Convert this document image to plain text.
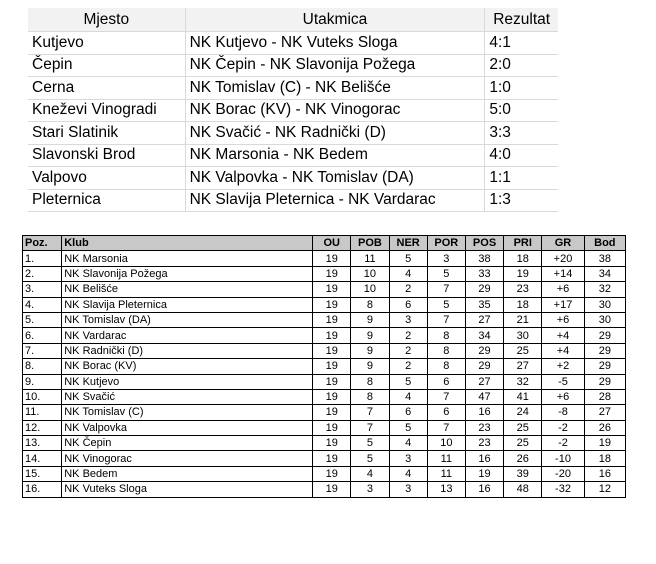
Mjesto	Utakmica	Rezultat
Kutjevo	NK Kutjevo - NK Vuteks Sloga	4:1
Čepin	NK Čepin - NK Slavonija Požega	2:0
Cerna	NK Tomislav (C) - NK Belišće	1:0
Kneževi Vinogradi	NK Borac (KV) - NK Vinogorac	5:0
Stari Slatinik	NK Svačić - NK Radnički (D)	3:3
Slavonski Brod	NK Marsonia - NK Bedem	4:0
Valpovo	NK Valpovka - NK Tomislav (DA)	1:1
Pleternica	NK Slavija Pleternica - NK Vardarac	1:3
Poz.	Klub	OU	POB	NER	POR	POS	PRI	GR	Bod
1.	NK Marsonia	19	11	5	3	38	18	+20	38
2.	NK Slavonija Požega	19	10	4	5	33	19	+14	34
3.	NK Belišće	19	10	2	7	29	23	+6	32
4.	NK Slavija Pleternica	19	8	6	5	35	18	+17	30
5.	NK Tomislav (DA)	19	9	3	7	27	21	+6	30
6.	NK Vardarac	19	9	2	8	34	30	+4	29
7.	NK Radnički (D)	19	9	2	8	29	25	+4	29
8.	NK Borac (KV)	19	9	2	8	29	27	+2	29
9.	NK Kutjevo	19	8	5	6	27	32	-5	29
10.	NK Svačić	19	8	4	7	47	41	+6	28
11.	NK Tomislav (C)	19	7	6	6	16	24	-8	27
12.	NK Valpovka	19	7	5	7	23	25	-2	26
13.	NK Čepin	19	5	4	10	23	25	-2	19
14.	NK Vinogorac	19	5	3	11	16	26	-10	18
15.	NK Bedem	19	4	4	11	19	39	-20	16
16.	NK Vuteks Sloga	19	3	3	13	16	48	-32	12
